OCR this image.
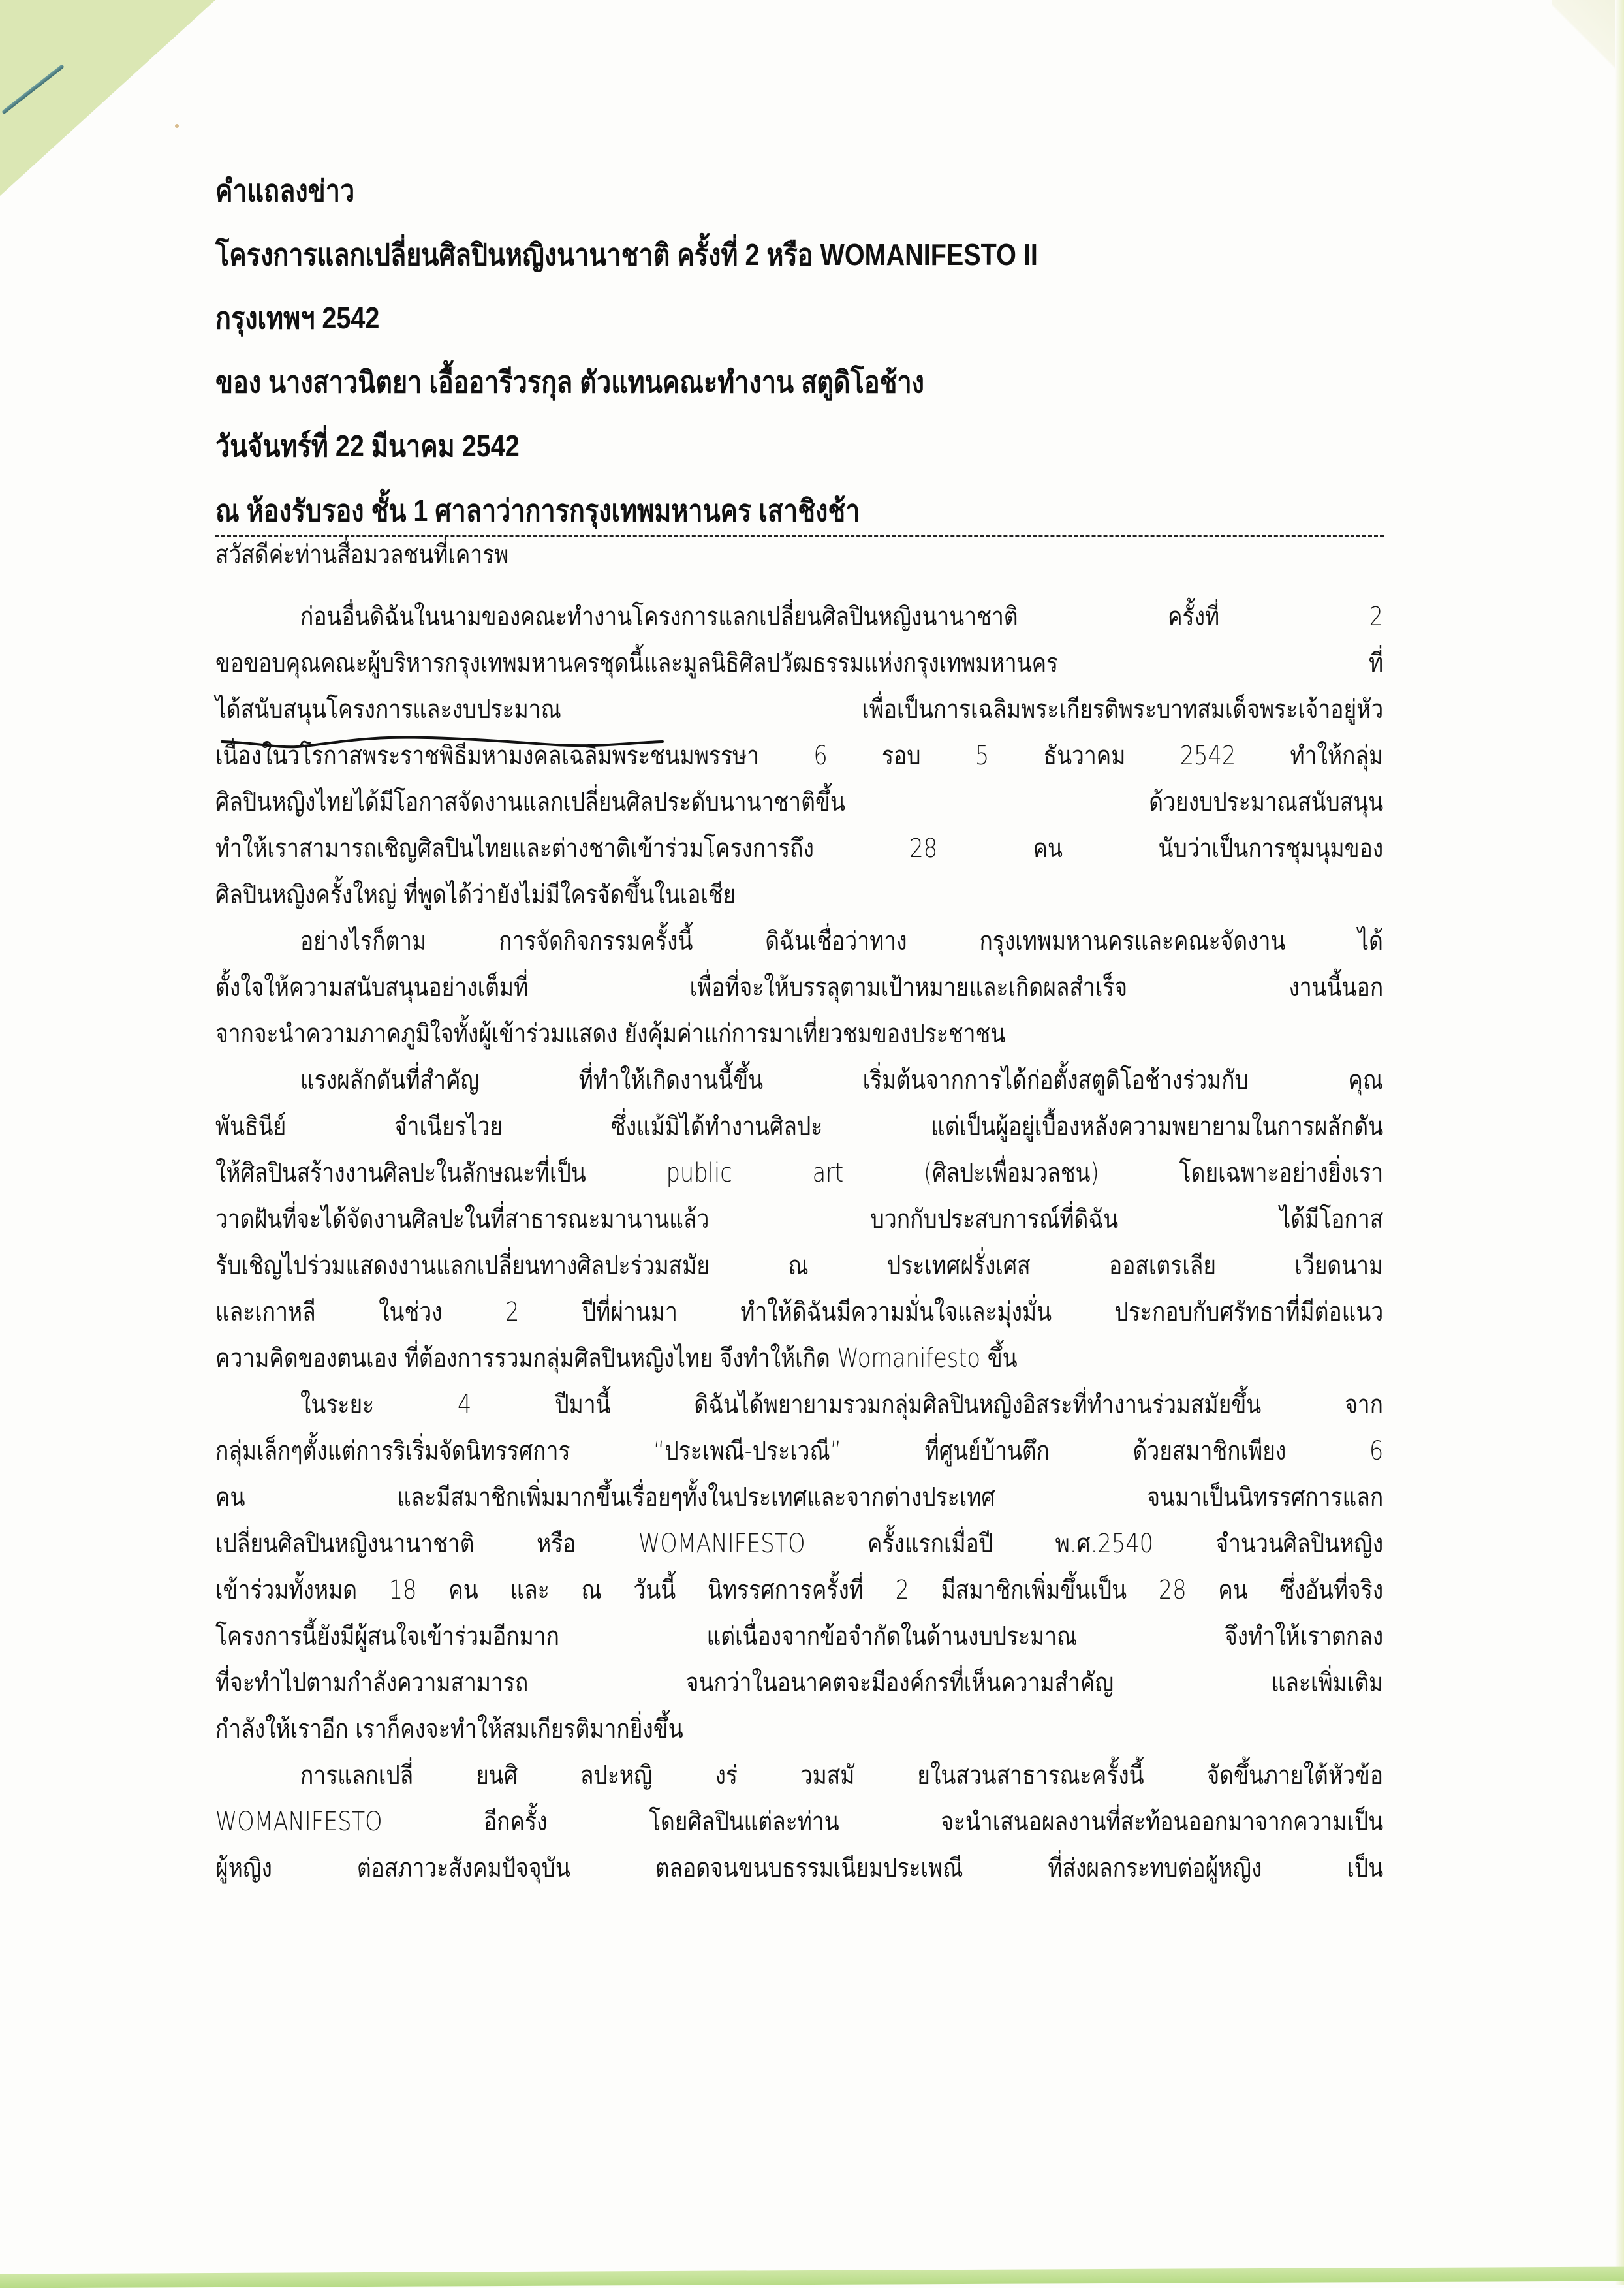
คำแถลงข่าว
โครงการแลกเปลี่ยนศิลปินหญิงนานาชาติ ครั้งที่ 2 หรือ WOMANIFESTO II
กรุงเทพฯ 2542
ของ นางสาวนิตยา เอื้ออารีวรกุล ตัวแทนคณะทำงาน สตูดิโอช้าง
วันจันทร์ที่ 22 มีนาคม 2542
ณ ห้องรับรอง ชั้น 1 ศาลาว่าการกรุงเทพมหานคร เสาชิงช้า
สวัสดีค่ะท่านสื่อมวลชนที่เคารพ
ก่อนอื่นดิฉันในนามของคณะทำงานโครงการแลกเปลี่ยนศิลปินหญิงนานาชาติ ครั้งที่ 2
ขอขอบคุณคณะผู้บริหารกรุงเทพมหานครชุดนี้และมูลนิธิศิลปวัฒธรรมแห่งกรุงเทพมหานคร ที่
ได้สนับสนุนโครงการและงบประมาณ เพื่อเป็นการเฉลิมพระเกียรติพระบาทสมเด็จพระเจ้าอยู่หัว
เนื่องในวโรกาสพระราชพิธีมหามงคลเฉลิมพระชนมพรรษา 6 รอบ 5 ธันวาคม 2542 ทำให้กลุ่ม
ศิลปินหญิงไทยได้มีโอกาสจัดงานแลกเปลี่ยนศิลประดับนานาชาติขึ้น ด้วยงบประมาณสนับสนุน
ทำให้เราสามารถเชิญศิลปินไทยและต่างชาติเข้าร่วมโครงการถึง 28 คน นับว่าเป็นการชุมนุมของ
ศิลปินหญิงครั้งใหญ่ ที่พูดได้ว่ายังไม่มีใครจัดขึ้นในเอเชีย
อย่างไรก็ตาม การจัดกิจกรรมครั้งนี้ ดิฉันเชื่อว่าทาง กรุงเทพมหานครและคณะจัดงาน ได้
ตั้งใจให้ความสนับสนุนอย่างเต็มที่ เพื่อที่จะให้บรรลุตามเป้าหมายและเกิดผลสำเร็จ งานนี้นอก
จากจะนำความภาคภูมิใจทั้งผู้เข้าร่วมแสดง ยังคุ้มค่าแก่การมาเที่ยวชมของประชาชน
แรงผลักดันที่สำคัญ ที่ทำให้เกิดงานนี้ขึ้น เริ่มต้นจากการได้ก่อตั้งสตูดิโอช้างร่วมกับ คุณ
พันธินีย์ จำเนียรไวย ซึ่งแม้มิได้ทำงานศิลปะ แต่เป็นผู้อยู่เบื้องหลังความพยายามในการผลักดัน
ให้ศิลปินสร้างงานศิลปะในลักษณะที่เป็น public art (ศิลปะเพื่อมวลชน) โดยเฉพาะอย่างยิ่งเรา
วาดฝันที่จะได้จัดงานศิลปะในที่สาธารณะมานานแล้ว บวกกับประสบการณ์ที่ดิฉัน ได้มีโอกาส
รับเชิญไปร่วมแสดงงานแลกเปลี่ยนทางศิลปะร่วมสมัย ณ ประเทศฝรั่งเศส ออสเตรเลีย เวียดนาม
และเกาหลี ในช่วง 2 ปีที่ผ่านมา ทำให้ดิฉันมีความมั่นใจและมุ่งมั่น ประกอบกับศรัทธาที่มีต่อแนว
ความคิดของตนเอง ที่ต้องการรวมกลุ่มศิลปินหญิงไทย จึงทำให้เกิด Womanifesto ขึ้น
ในระยะ 4 ปีมานี้ ดิฉันได้พยายามรวมกลุ่มศิลปินหญิงอิสระที่ทำงานร่วมสมัยขึ้น จาก
กลุ่มเล็กๆตั้งแต่การริเริ่มจัดนิทรรศการ “ประเพณี-ประเวณี” ที่ศูนย์บ้านตึก ด้วยสมาชิกเพียง 6
คน และมีสมาชิกเพิ่มมากขึ้นเรื่อยๆทั้งในประเทศและจากต่างประเทศ จนมาเป็นนิทรรศการแลก
เปลี่ยนศิลปินหญิงนานาชาติ หรือ WOMANIFESTO ครั้งแรกเมื่อปี พ.ศ.2540 จำนวนศิลปินหญิง
เข้าร่วมทั้งหมด 18 คน และ ณ วันนี้ นิทรรศการครั้งที่ 2 มีสมาชิกเพิ่มขึ้นเป็น 28 คน ซึ่งอันที่จริง
โครงการนี้ยังมีผู้สนใจเข้าร่วมอีกมาก แต่เนื่องจากข้อจำกัดในด้านงบประมาณ จึงทำให้เราตกลง
ที่จะทำไปตามกำลังความสามารถ จนกว่าในอนาคตจะมีองค์กรที่เห็นความสำคัญ และเพิ่มเติม
กำลังให้เราอีก เราก็คงจะทำให้สมเกียรติมากยิ่งขึ้น
การแลกเปลี่ ยนศิ ลปะหญิ งร่ วมสมั ยในสวนสาธารณะครั้งนี้ จัดขึ้นภายใต้หัวข้อ
WOMANIFESTO อีกครั้ง โดยศิลปินแต่ละท่าน จะนำเสนอผลงานที่สะท้อนออกมาจากความเป็น
ผู้หญิง ต่อสภาวะสังคมปัจจุบัน ตลอดจนขนบธรรมเนียมประเพณี ที่ส่งผลกระทบต่อผู้หญิง เป็น
